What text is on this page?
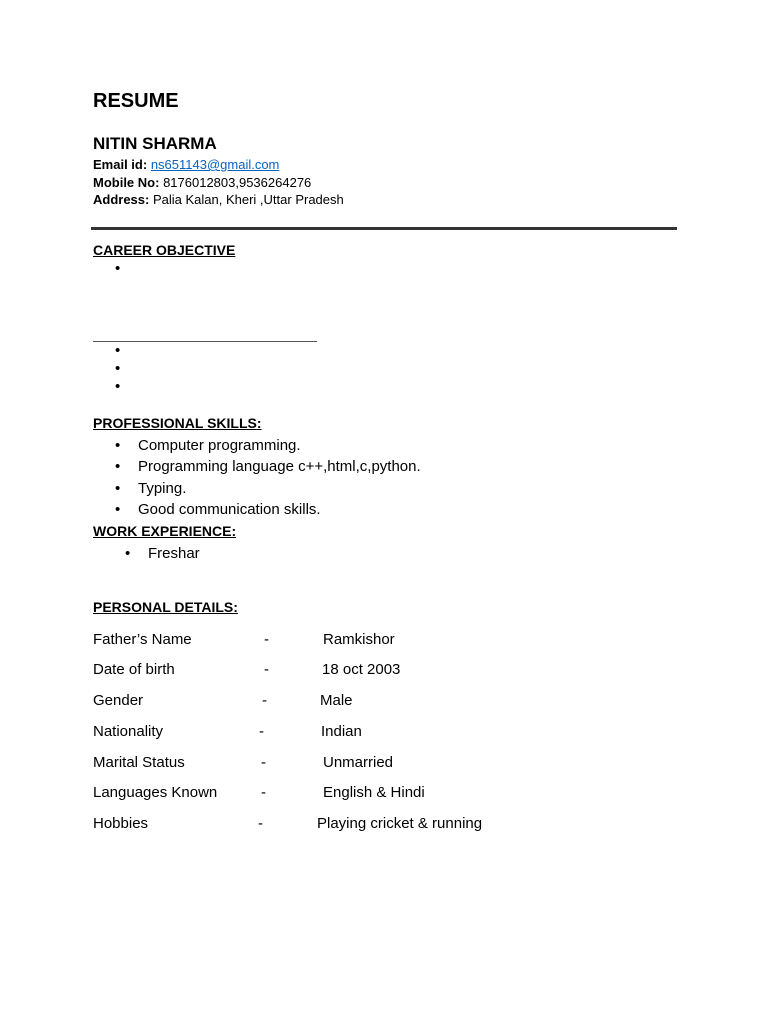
RESUME
NITIN SHARMA
Email id: ns651143@gmail.com
Mobile No: 8176012803,9536264276
Address: Palia Kalan, Kheri ,Uttar Pradesh
CAREER OBJECTIVE
•
•
•
•
PROFESSIONAL SKILLS:
• Computer programming.
• Programming language c++,html,c,python.
• Typing.
• Good communication skills.
WORK EXPERIENCE:
• Freshar
PERSONAL DETAILS:
Father’s Name	-	Ramkishor
Date of birth	-	18 oct 2003
Gender	-	Male
Nationality	-	Indian
Marital Status	-	Unmarried
Languages Known	-	English & Hindi
Hobbies	-	Playing cricket & running
